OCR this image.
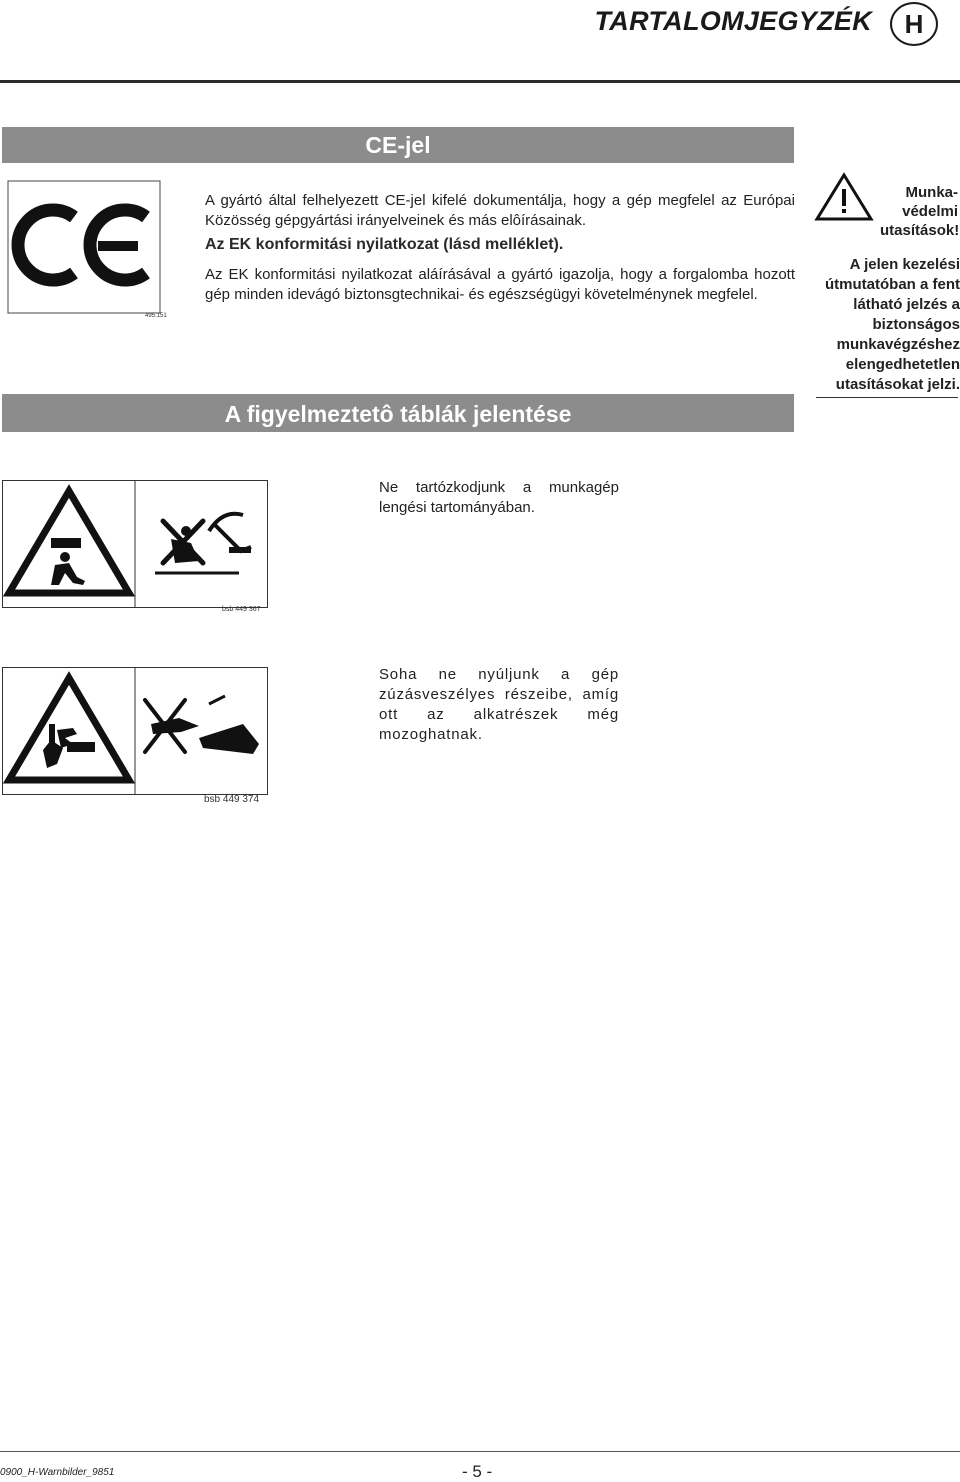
TARTALOMJEGYZÉK	H
CE-jel
495.151
A gyártó által felhelyezett CE-jel kifelé dokumentálja, hogy a gép megfelel az Európai Közösség gépgyártási irányelveinek és más elôírásainak.
Az EK konformitási nyilatkozat (lásd melléklet).
Az EK konformitási nyilatkozat aláírásával a gyártó igazolja, hogy a forgalomba hozott gép minden idevágó biztonsgtechnikai- és egészségügyi követelménynek megfelel.
Munka-védelmi utasítások!
A jelen kezelési útmutatóban a fent látható jelzés a biztonságos munkavégzéshez elengedhetetlen utasításokat jelzi.
A figyelmeztetô táblák jelentése
bsb 449 367
Ne tartózkodjunk a munkagép lengési tartományában.
bsb 449 374
Soha ne nyúljunk a gép zúzásveszélyes részeibe, amíg ott az alkatrészek még mozoghatnak.
0900_H-Warnbilder_9851	- 5 -
